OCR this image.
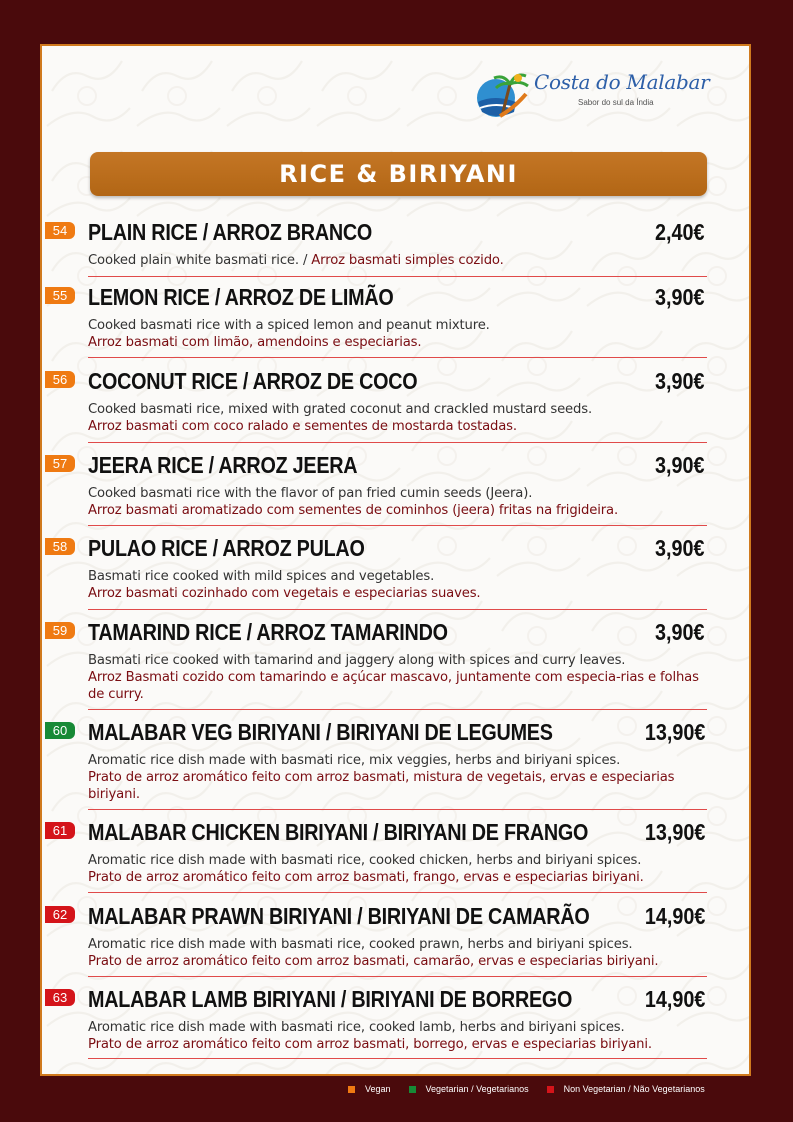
Costa do Malabar
Sabor do sul da Índia
RICE & BIRIYANI
54 PLAIN RICE / ARROZ BRANCO	2,40€
Cooked plain white basmati rice. / Arroz basmati simples cozido.
55 LEMON RICE / ARROZ DE LIMÃO	3,90€
Cooked basmati rice with a spiced lemon and peanut mixture.
Arroz basmati com limão, amendoins e especiarias.
56 COCONUT RICE / ARROZ DE COCO	3,90€
Cooked basmati rice, mixed with grated coconut and crackled mustard seeds.
Arroz basmati com coco ralado e sementes de mostarda tostadas.
57 JEERA RICE / ARROZ JEERA	3,90€
Cooked basmati rice with the flavor of pan fried cumin seeds (Jeera).
Arroz basmati aromatizado com sementes de cominhos (jeera) fritas na frigideira.
58 PULAO RICE / ARROZ PULAO	3,90€
Basmati rice cooked with mild spices and vegetables.
Arroz basmati cozinhado com vegetais e especiarias suaves.
59 TAMARIND RICE / ARROZ TAMARINDO	3,90€
Basmati rice cooked with tamarind and jaggery along with spices and curry leaves.
Arroz Basmati cozido com tamarindo e açúcar mascavo, juntamente com especia-rias e folhas de curry.
60 MALABAR VEG BIRIYANI / BIRIYANI DE LEGUMES	13,90€
Aromatic rice dish made with basmati rice, mix veggies, herbs and biriyani spices.
Prato de arroz aromático feito com arroz basmati, mistura de vegetais, ervas e especiarias biriyani.
61 MALABAR CHICKEN BIRIYANI / BIRIYANI DE FRANGO 13,90€
Aromatic rice dish made with basmati rice, cooked chicken, herbs and biriyani spices.
Prato de arroz aromático feito com arroz basmati, frango, ervas e especiarias biriyani.
62 MALABAR PRAWN BIRIYANI / BIRIYANI DE CAMARÃO 14,90€
Aromatic rice dish made with basmati rice, cooked prawn, herbs and biriyani spices.
Prato de arroz aromático feito com arroz basmati, camarão, ervas e especiarias biriyani.
63 MALABAR LAMB BIRIYANI / BIRIYANI DE BORREGO	14,90€
Aromatic rice dish made with basmati rice, cooked lamb, herbs and biriyani spices.
Prato de arroz aromático feito com arroz basmati, borrego, ervas e especiarias biriyani.
Vegan	Vegetarian / Vegetarianos	Non Vegetarian / Não Vegetarianos
